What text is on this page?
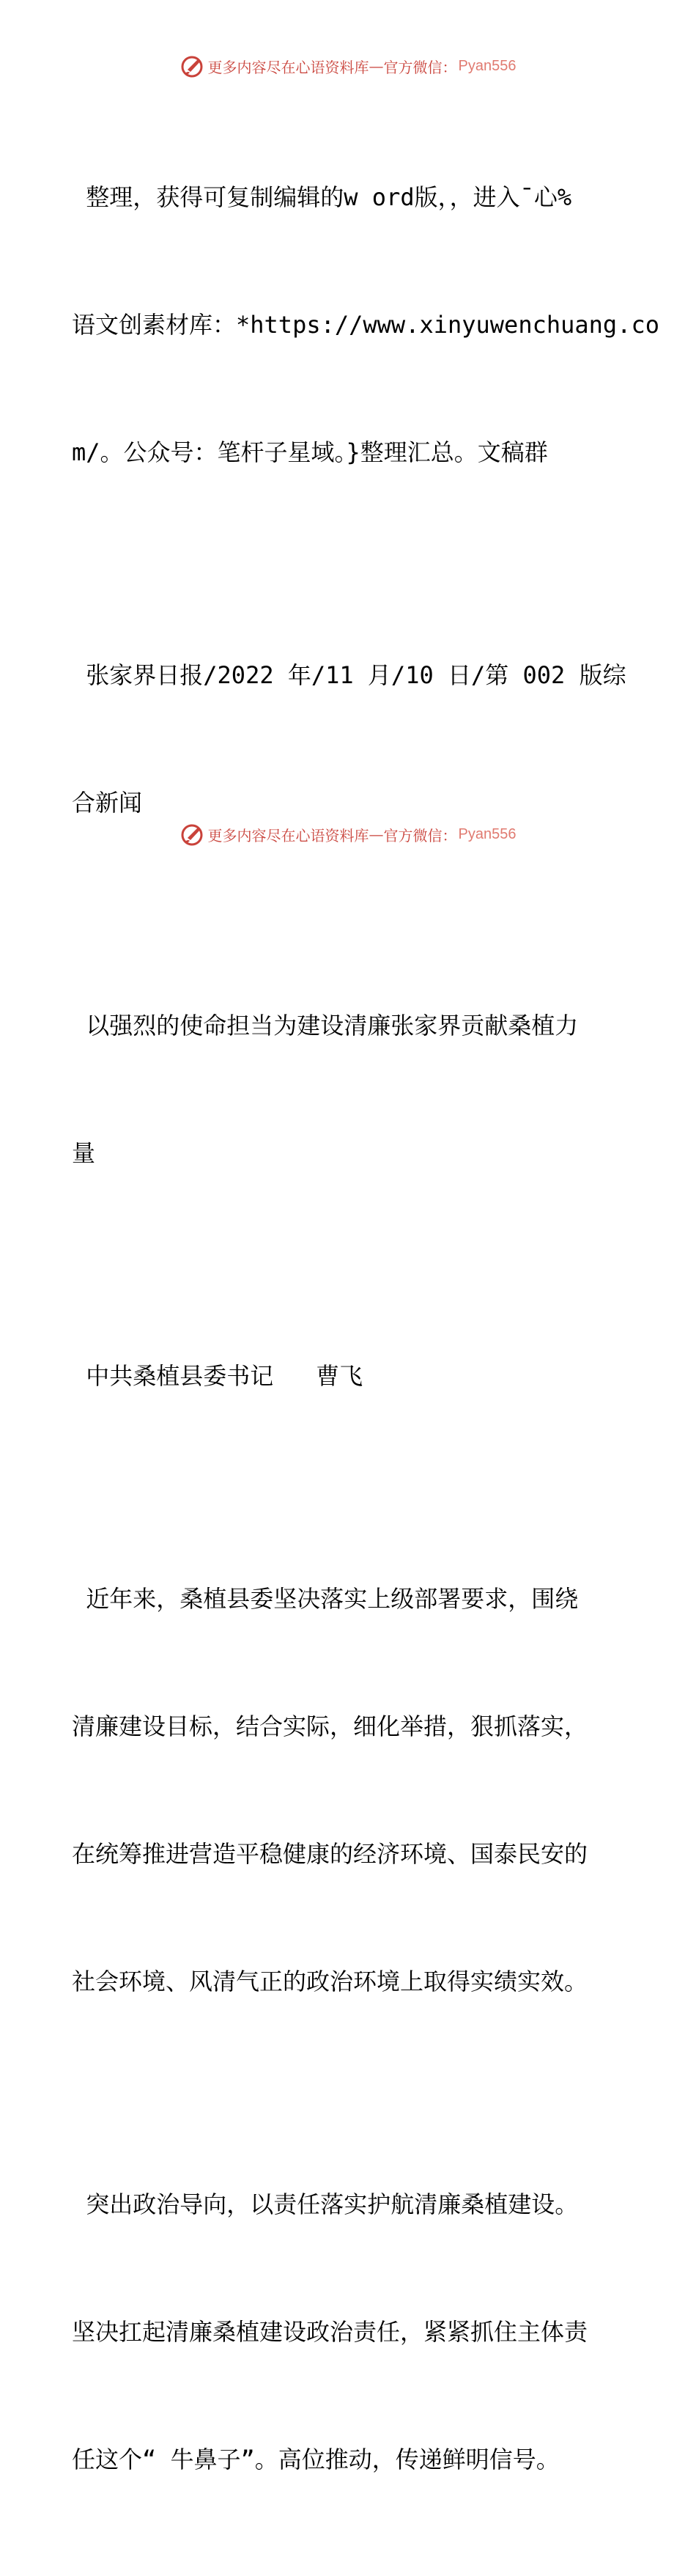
更多内容尽在心语资料库 — 官方微信： Pyan556

整理，获得可复制编辑的w ord版，，进入¯心%

语文创素材库：*https://www.xinyuwenchuang.co

m/。公众号：笔杆子星域。}整理汇总。文稿群

张家界日报/2022 年/11 月/10 日/第 002 版综

合新闻

以强烈的使命担当为建设清廉张家界贡献桑植力

量

中共桑植县委书记   曹飞

近年来，桑植县委坚决落实上级部署要求，围绕

清廉建设目标，结合实际，细化举措，狠抓落实，

在统筹推进营造平稳健康的经济环境、国泰民安的

社会环境、风清气正的政治环境上取得实绩实效。

突出政治导向，以责任落实护航清廉桑植建设。

坚决扛起清廉桑植建设政治责任，紧紧抓住主体责

任这个“ 牛鼻子”。高位推动，传递鲜明信号。

更多内容尽在心语资料库 — 官方微信： Pyan556
